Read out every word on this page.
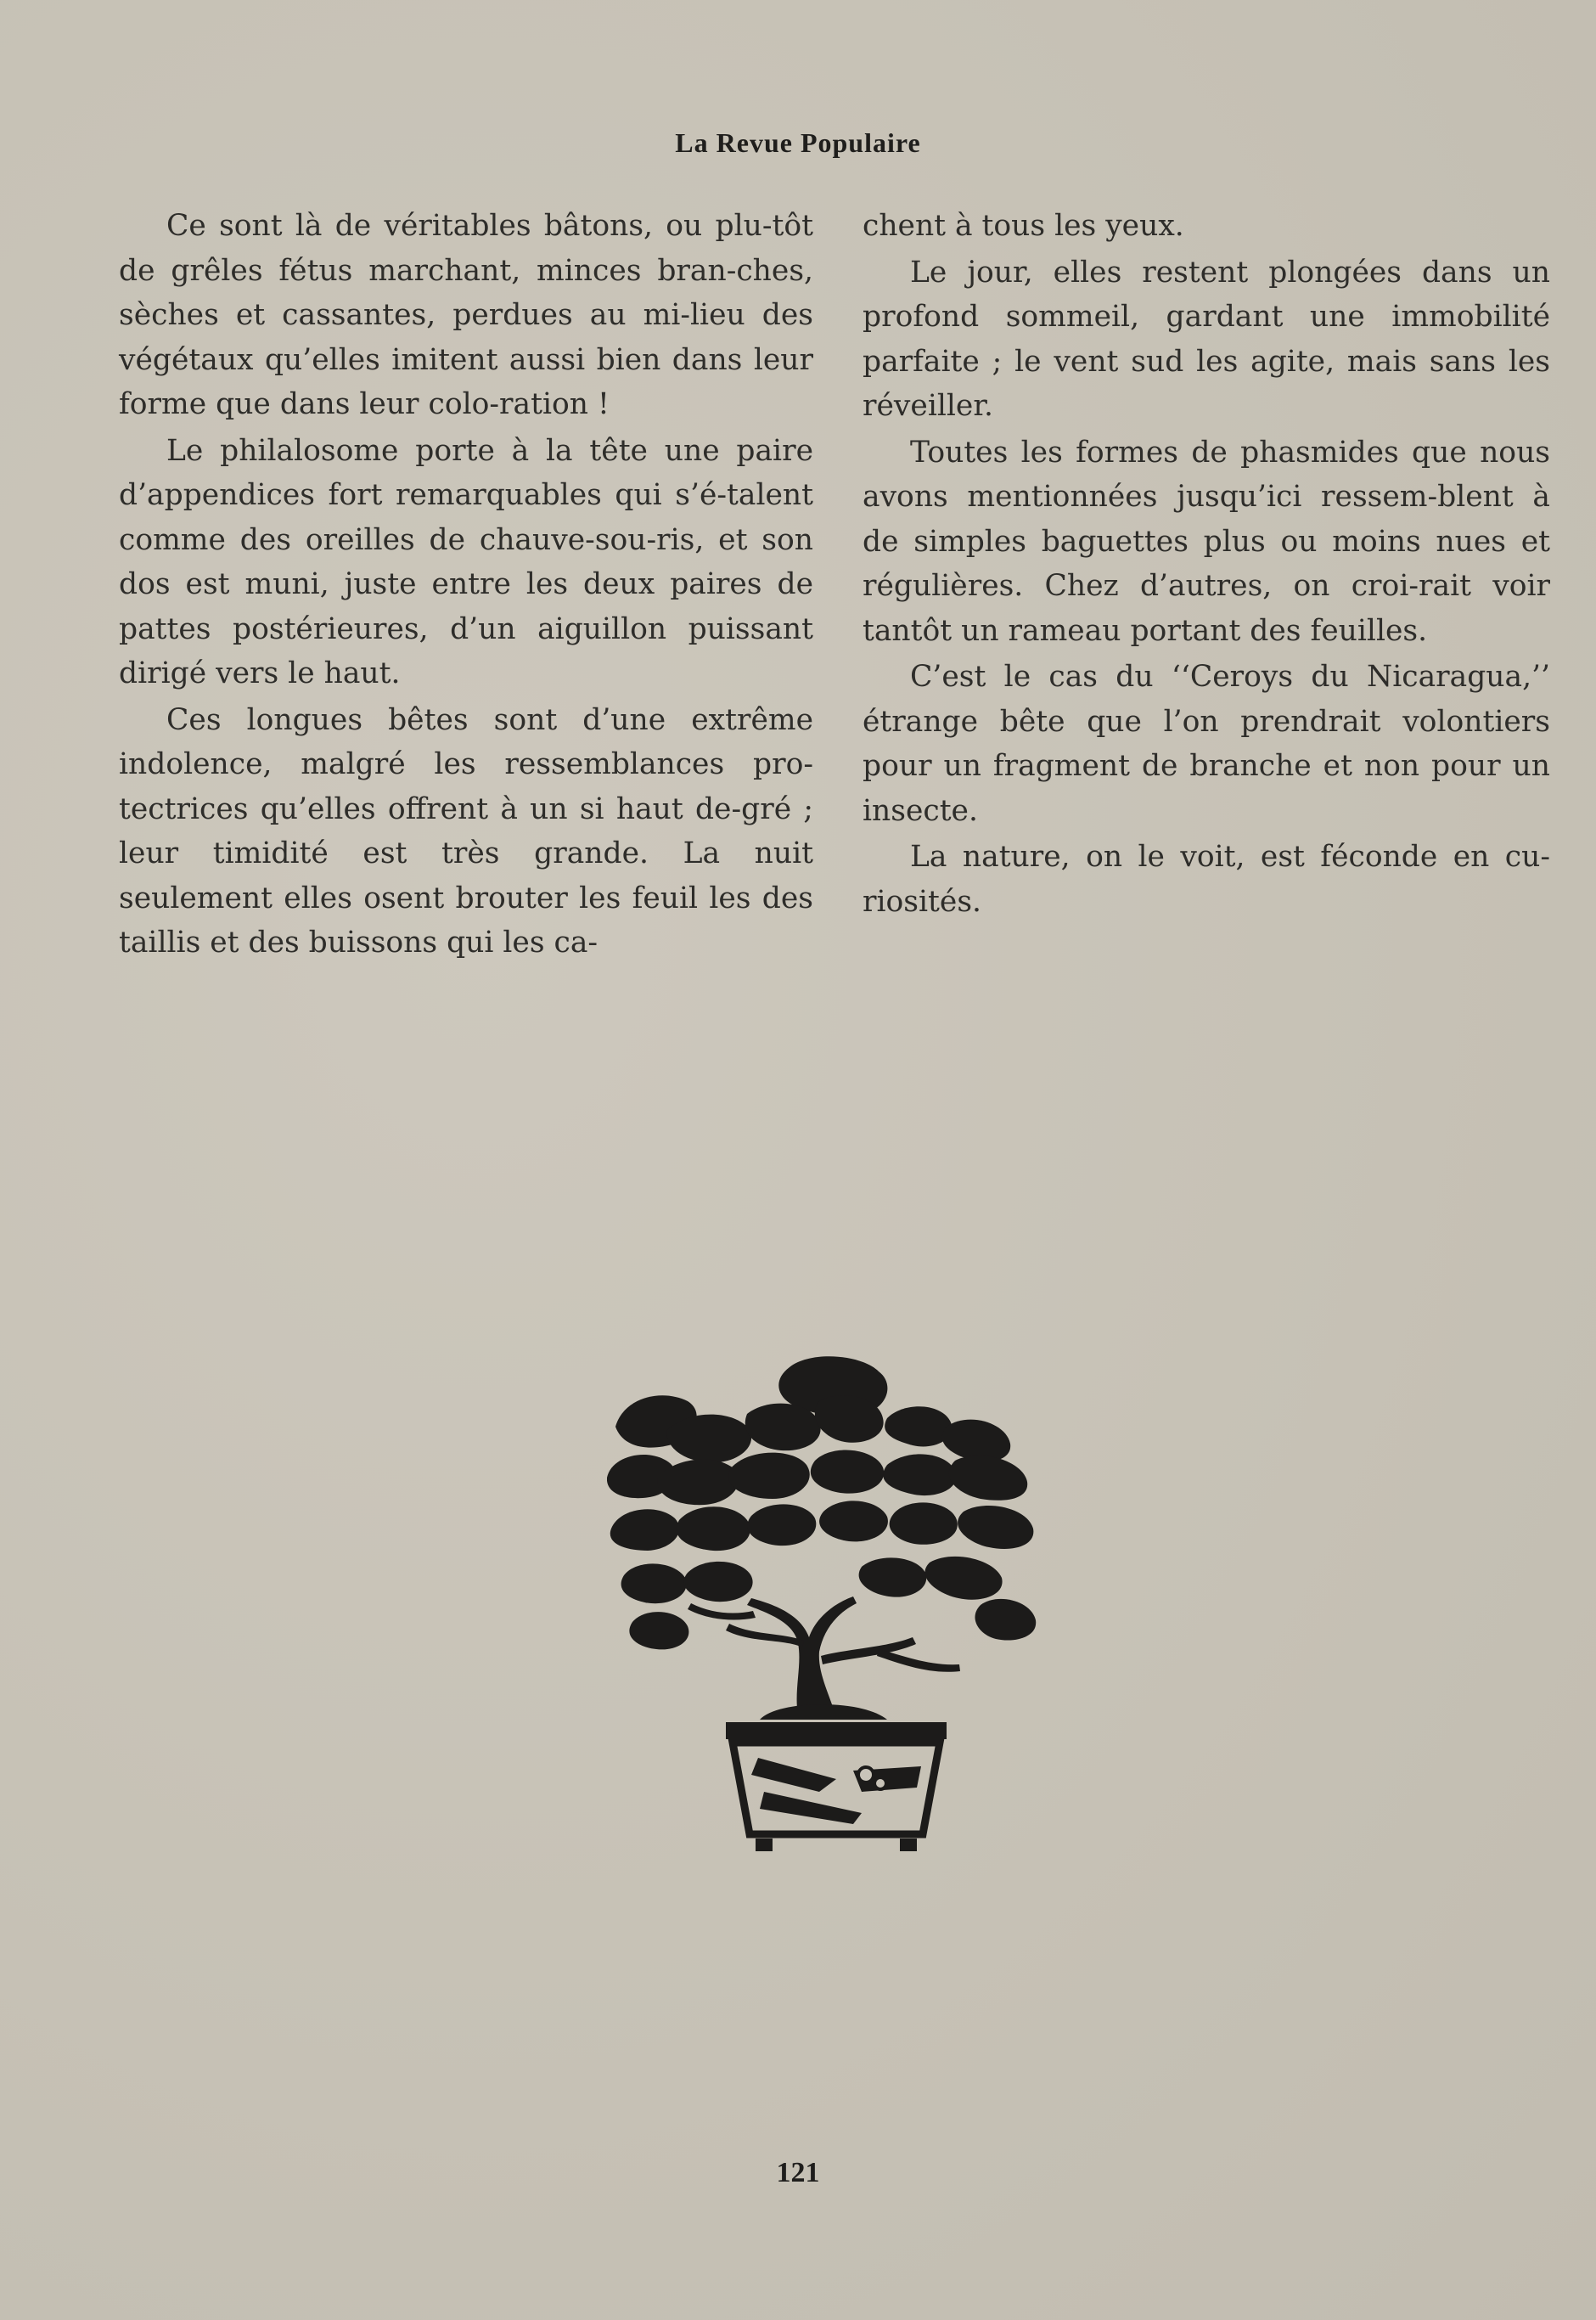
La Revue Populaire

Ce sont là de véritables bâtons, ou plu-tôt de grêles fétus marchant, minces bran-ches, sèches et cassantes, perdues au mi-lieu des végétaux qu’elles imitent aussi bien dans leur forme que dans leur colo-ration !

Le philalosome porte à la tête une paire d’appendices fort remarquables qui s’é-talent comme des oreilles de chauve-sou-ris, et son dos est muni, juste entre les deux paires de pattes postérieures, d’un aiguillon puissant dirigé vers le haut.

Ces longues bêtes sont d’une extrême indolence, malgré les ressemblances pro-tectrices qu’elles offrent à un si haut de-gré ; leur timidité est très grande. La nuit seulement elles osent brouter les feuil les des taillis et des buissons qui les ca-

chent à tous les yeux.

Le jour, elles restent plongées dans un profond sommeil, gardant une immobilité parfaite ; le vent sud les agite, mais sans les réveiller.

Toutes les formes de phasmides que nous avons mentionnées jusqu’ici ressem-blent à de simples baguettes plus ou moins nues et régulières. Chez d’autres, on croi-rait voir tantôt un rameau portant des feuilles.

C’est le cas du ‘‘Ceroys du Nicaragua,’’ étrange bête que l’on prendrait volontiers pour un fragment de branche et non pour un insecte.

La nature, on le voit, est féconde en cu-riosités.

121
